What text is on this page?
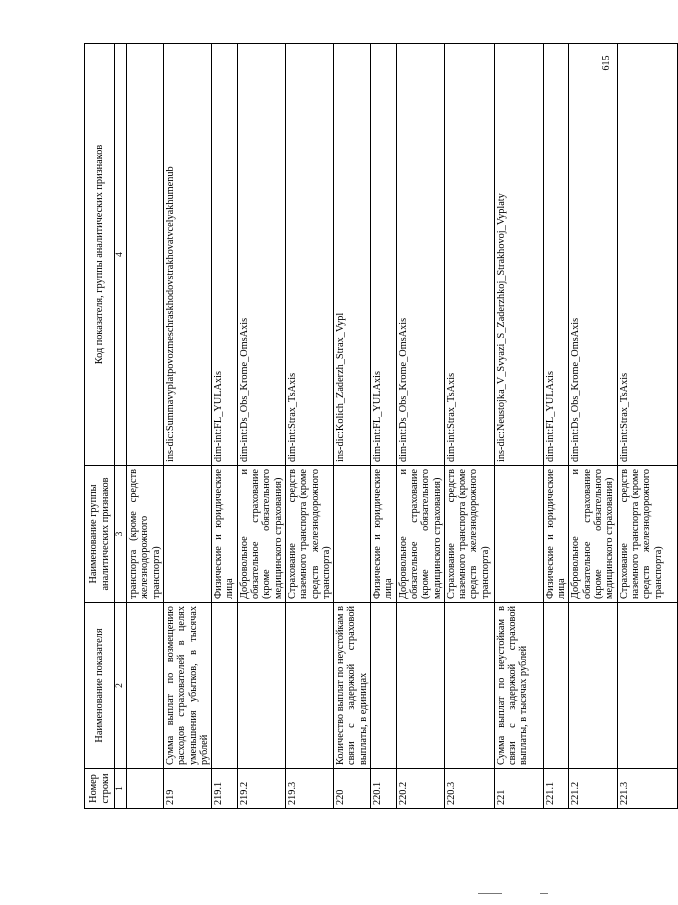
615
Номер строки	Наименование показателя	Наименование группы аналитических признаков	Код показателя, группы аналитических признаков
1	2	3	4
		транспорта (кроме средств железнодорожного транспорта)	
219	Сумма выплат по возмещению расходов страхователей в целях уменьшения убытков, в тысячах рублей		ins-dic:Summavyplatpovozmeschraskhodovstrakhovatvcelyakhumenub
219.1		Физические и юридические лица	dim-int:FL_YULAxis
219.2		Добровольное и обязательное страхование (кроме обязательного медицинского страхования)	dim-int:Ds_Obs_Krome_OmsAxis
219.3		Страхование средств наземного транспорта (кроме средств железнодорожного транспорта)	dim-int:Strax_TsAxis
220	Количество выплат по неустойкам в связи с задержкой страховой выплаты, в единицах		ins-dic:Kolich_Zaderzh_Strax_Vypl
220.1		Физические и юридические лица	dim-int:FL_YULAxis
220.2		Добровольное и обязательное страхование (кроме обязательного медицинского страхования)	dim-int:Ds_Obs_Krome_OmsAxis
220.3		Страхование средств наземного транспорта (кроме средств железнодорожного транспорта)	dim-int:Strax_TsAxis
221	Сумма выплат по неустойкам в связи с задержкой страховой выплаты, в тысячах рублей		ins-dic:Neustojka_V_Svyazi_S_Zaderzhkoj_Strakhovoj_Vyplaty
221.1		Физические и юридические лица	dim-int:FL_YULAxis
221.2		Добровольное и обязательное страхование (кроме обязательного медицинского страхования)	dim-int:Ds_Obs_Krome_OmsAxis
221.3		Страхование средств наземного транспорта (кроме средств железнодорожного транспорта)	dim-int:Strax_TsAxis
